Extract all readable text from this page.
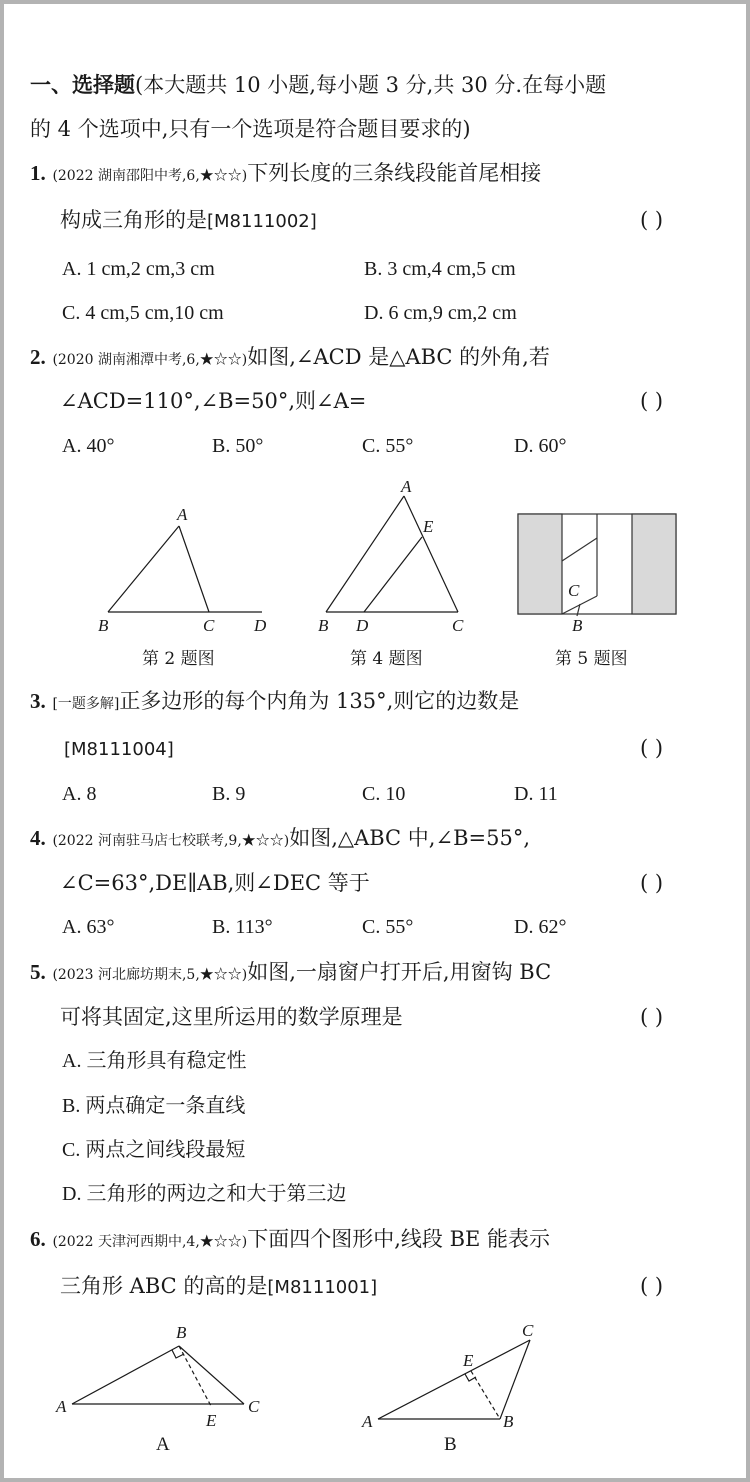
一、选择题(本大题共 10 小题,每小题 3 分,共 30 分.在每小题
的 4 个选项中,只有一个选项是符合题目要求的)
1. (2022 湖南邵阳中考,6,★☆☆)下列长度的三条线段能首尾相接
构成三角形的是[M8111002]	( )
A. 1 cm,2 cm,3 cm	B. 3 cm,4 cm,5 cm
C. 4 cm,5 cm,10 cm	D. 6 cm,9 cm,2 cm
2. (2020 湖南湘潭中考,6,★☆☆)如图,∠ACD 是△ABC 的外角,若
∠ACD=110°,∠B=50°,则∠A=	( )
A. 40°	B. 50°	C. 55°	D. 60°
A
B	C D
A
E
B D	C
C
B
第 2 题图	第 4 题图	第 5 题图
3. [一题多解]正多边形的每个内角为 135°,则它的边数是
[M8111004]	( )
A. 8	B. 9	C. 10	D. 11
4. (2022 河南驻马店七校联考,9,★☆☆)如图,△ABC 中,∠B=55°,
∠C=63°,DE∥AB,则∠DEC 等于	( )
A. 63°	B. 113°	C. 55°	D. 62°
5. (2023 河北廊坊期末,5,★☆☆)如图,一扇窗户打开后,用窗钩 BC
可将其固定,这里所运用的数学原理是	( )
A. 三角形具有稳定性
B. 两点确定一条直线
C. 两点之间线段最短
D. 三角形的两边之和大于第三边
6. (2022 天津河西期中,4,★☆☆)下面四个图形中,线段 BE 能表示
三角形 ABC 的高的是[M8111001]	( )
B
A	C
E
A
C
E
A	B
B
